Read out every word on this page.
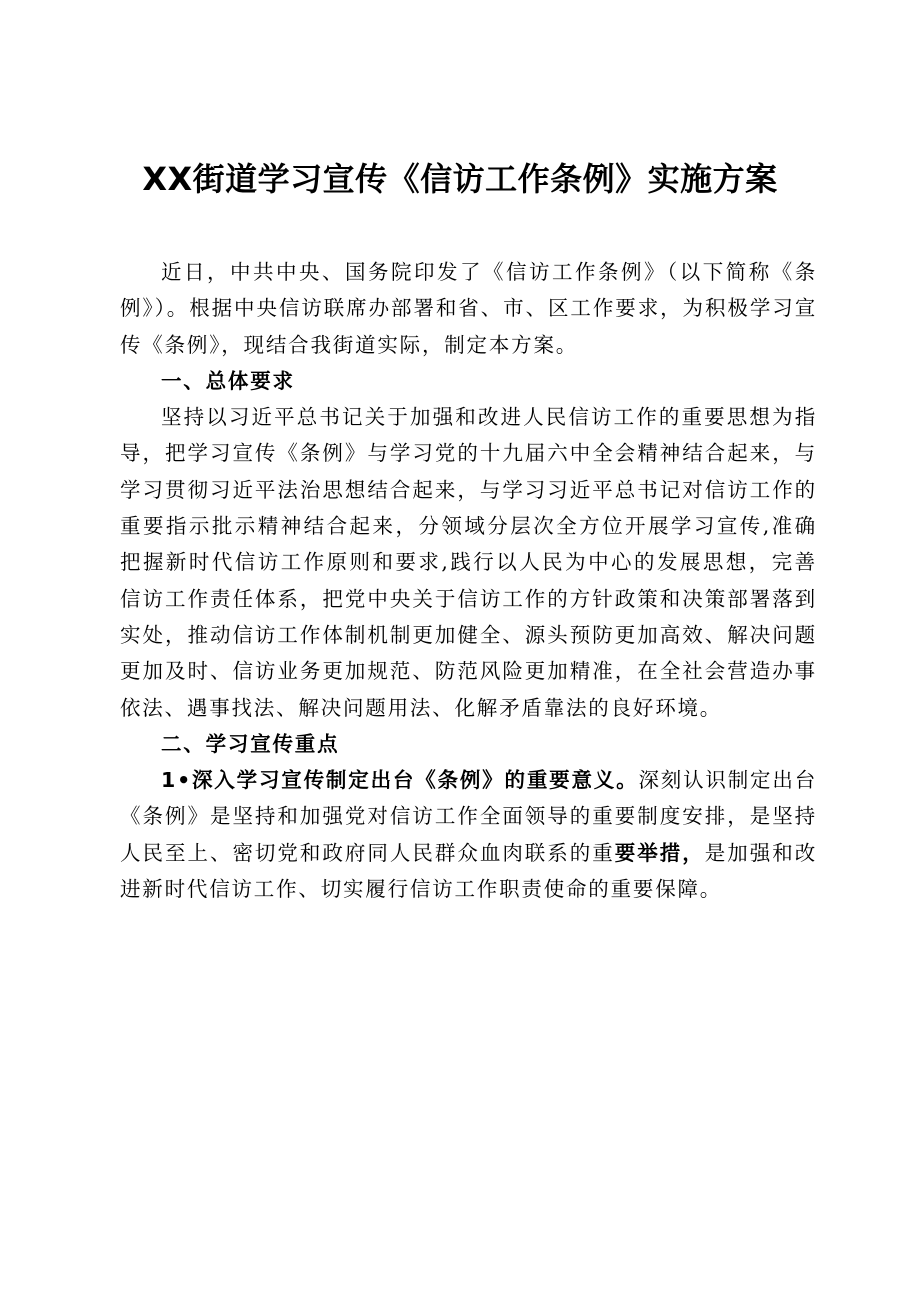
XX街道学习宣传《信访工作条例》实施方案

近日，中共中央、国务院印发了《信访工作条例》（以下简称《条例》）。根据中央信访联席办部署和省、市、区工作要求，为积极学习宣传《条例》，现结合我街道实际，制定本方案。

一、总体要求

坚持以习近平总书记关于加强和改进人民信访工作的重要思想为指导，把学习宣传《条例》与学习党的十九届六中全会精神结合起来，与学习贯彻习近平法治思想结合起来，与学习习近平总书记对信访工作的重要指示批示精神结合起来，分领域分层次全方位开展学习宣传,准确把握新时代信访工作原则和要求,践行以人民为中心的发展思想，完善信访工作责任体系，把党中央关于信访工作的方针政策和决策部署落到实处，推动信访工作体制机制更加健全、源头预防更加高效、解决问题更加及时、信访业务更加规范、防范风险更加精准，在全社会营造办事依法、遇事找法、解决问题用法、化解矛盾靠法的良好环境。

二、学习宣传重点

1•深入学习宣传制定出台《条例》的重要意义。深刻认识制定出台《条例》是坚持和加强党对信访工作全面领导的重要制度安排，是坚持人民至上、密切党和政府同人民群众血肉联系的重要举措，是加强和改进新时代信访工作、切实履行信访工作职责使命的重要保障。
